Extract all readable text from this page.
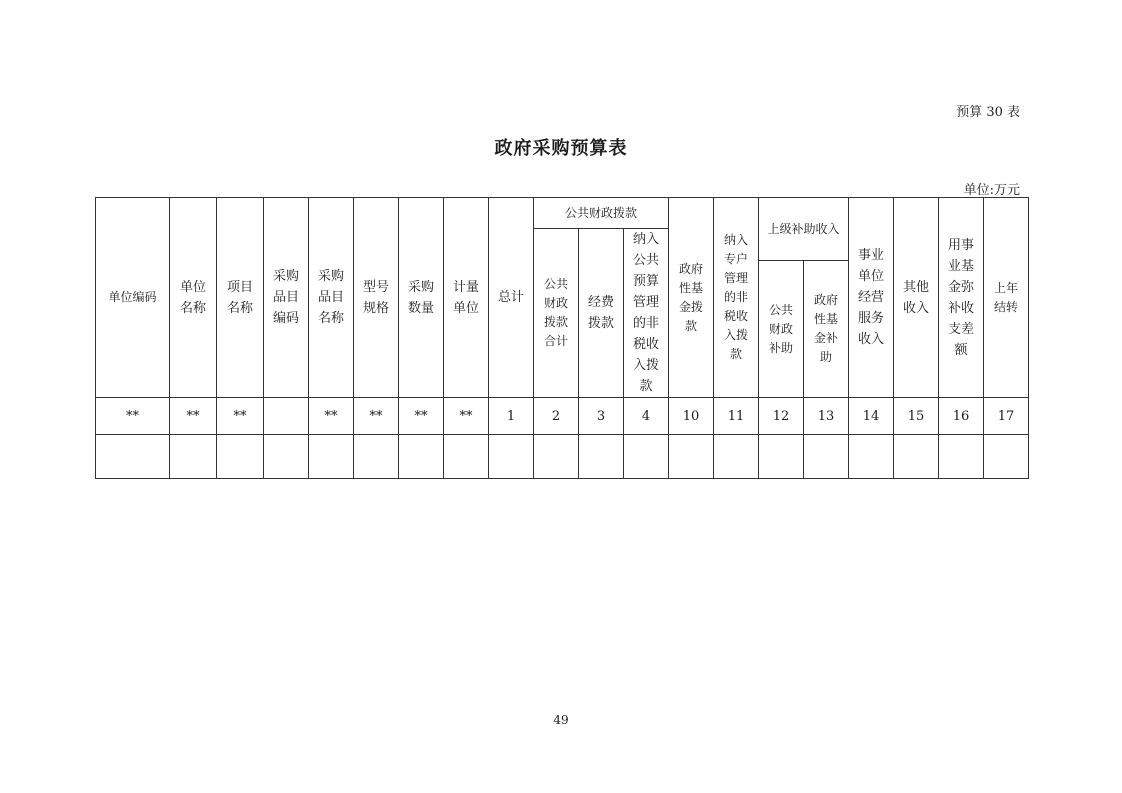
预算 30 表
政府采购预算表
单位:万元
单位编码	单位名称	项目名称	采购品目编码	采购品目名称	型号规格	采购数量	计量单位	总计	公共财政拨款			政府性基金拨款	纳入专户管理的非税收入拨款	上级补助收入		事业单位经营服务收入	其他收入	用事业基金弥补收支差额	上年结转
									公共财政拨款合计	经费拨款	纳入公共预算管理的非税收入拨款								
														公共财政补助	政府性基金补助				
**	**	**		**	**	**	**	1	2	3	4	10	11	12	13	14	15	16	17

49
